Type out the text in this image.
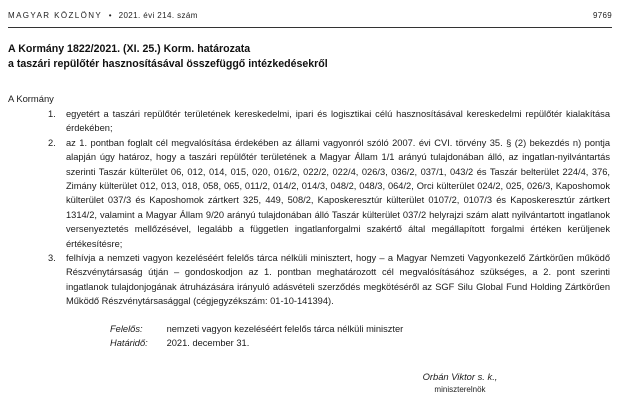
MAGYAR KÖZLÖNY • 2021. évi 214. szám	9769
A Kormány 1822/2021. (XI. 25.) Korm. határozata
a taszári repülőtér hasznosításával összefüggő intézkedésekről
A Kormány
1.	egyetért a taszári repülőtér területének kereskedelmi, ipari és logisztikai célú hasznosításával kereskedelmi repülőtér kialakítása érdekében;
2.	az 1. pontban foglalt cél megvalósítása érdekében az állami vagyonról szóló 2007. évi CVI. törvény 35. § (2) bekezdés n) pontja alapján úgy határoz, hogy a taszári repülőtér területének a Magyar Állam 1/1 arányú tulajdonában álló, az ingatlan-nyilvántartás szerinti Taszár külterület 06, 012, 014, 015, 020, 016/2, 022/2, 022/4, 026/3, 036/2, 037/1, 043/2 és Taszár belterület 224/4, 376, Zimány külterület 012, 013, 018, 058, 065, 011/2, 014/2, 014/3, 048/2, 048/3, 064/2, Orci külterület 024/2, 025, 026/3, Kaposhomok külterület 037/3 és Kaposhomok zártkert 325, 449, 508/2, Kaposkeresztúr külterület 0107/2, 0107/3 és Kaposkeresztúr zártkert 1314/2, valamint a Magyar Állam 9/20 arányú tulajdonában álló Taszár külterület 037/2 helyrajzi szám alatt nyilvántartott ingatlanok versenyeztetés mellőzésével, legalább a független ingatlanforgalmi szakértő által megállapított forgalmi értéken kerüljenek értékesítésre;
3.	felhívja a nemzeti vagyon kezeléséért felelős tárca nélküli minisztert, hogy – a Magyar Nemzeti Vagyonkezelő Zártkörűen működő Részvénytársaság útján – gondoskodjon az 1. pontban meghatározott cél megvalósításához szükséges, a 2. pont szerinti ingatlanok tulajdonjogának átruházására irányuló adásvételi szerződés megkötéséről az SGF Silu Global Fund Holding Zártkörűen Működő Részvénytársasággal (cégjegyzékszám: 01-10-141394).
Felelős:	nemzeti vagyon kezeléséért felelős tárca nélküli miniszter
Határidő: 2021. december 31.
Orbán Viktor s. k.,
miniszterelnök
